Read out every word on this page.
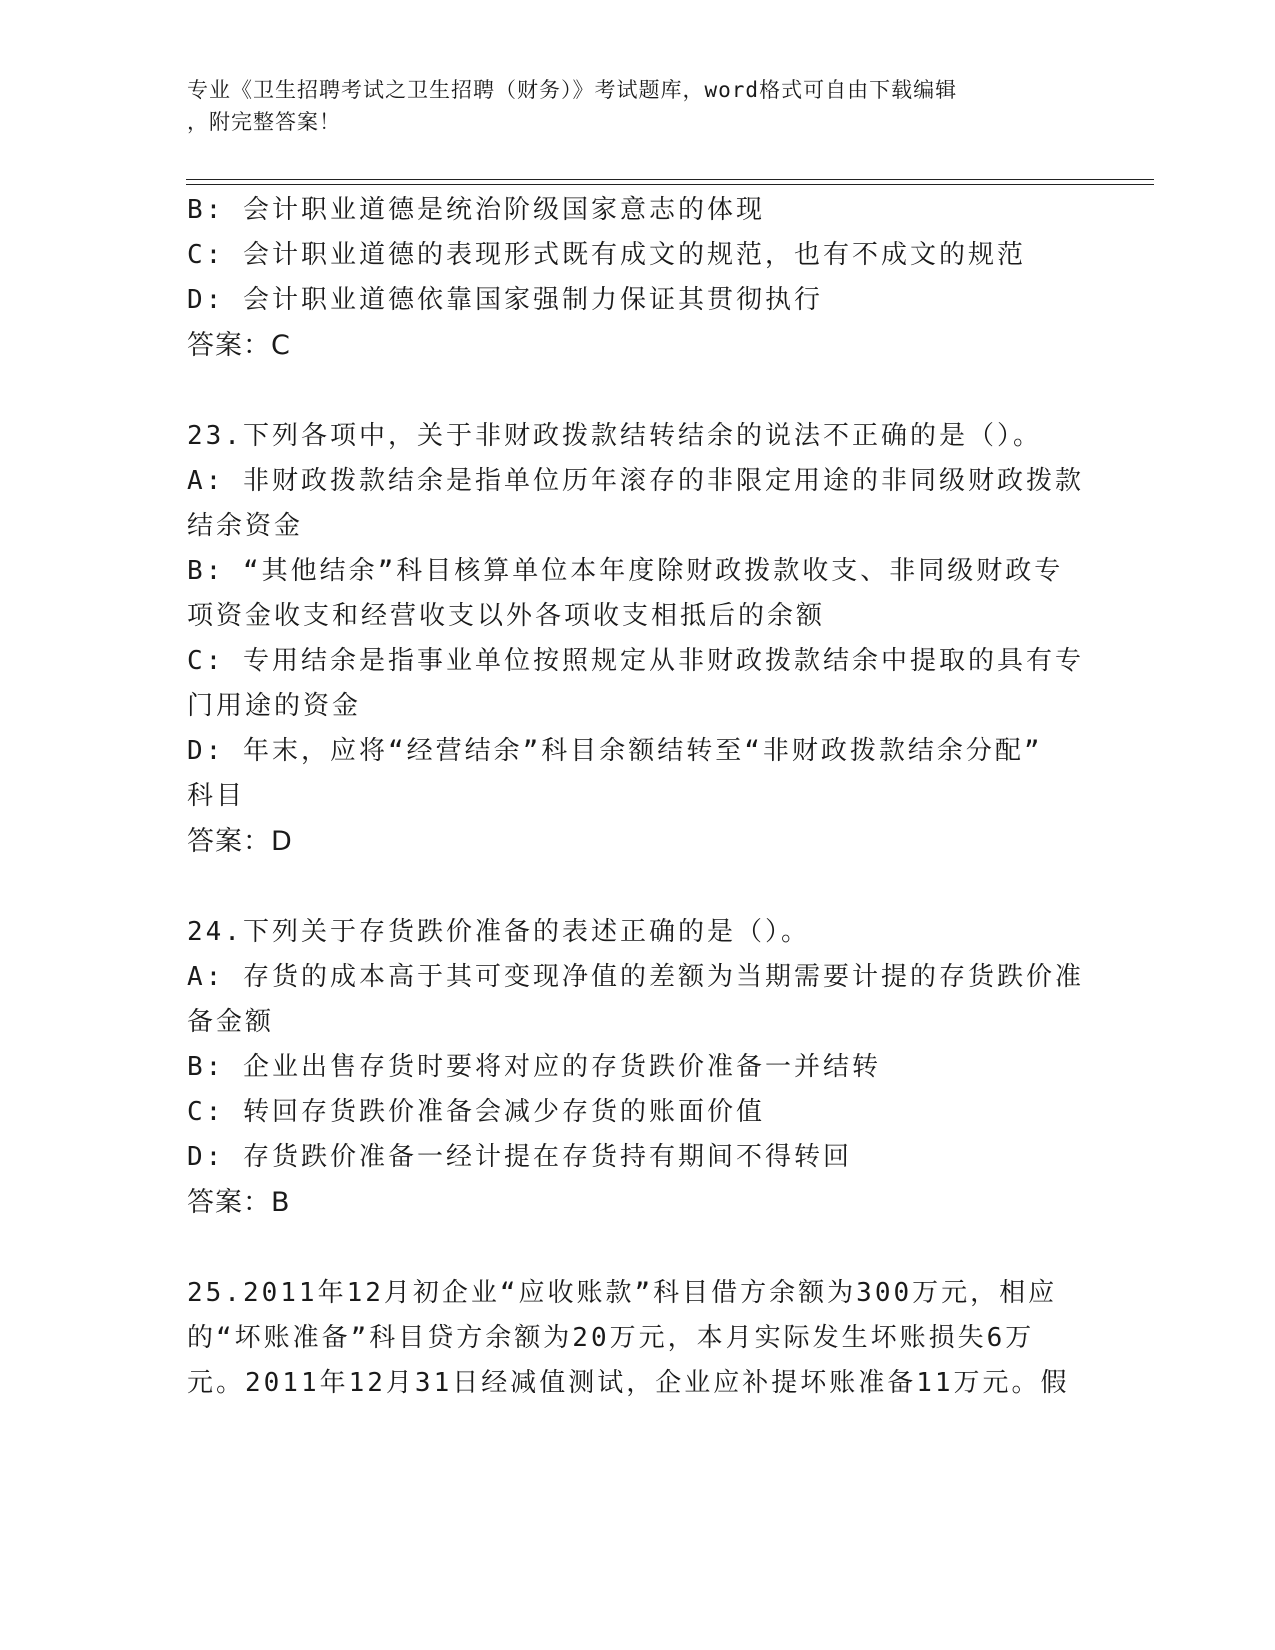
专业《卫生招聘考试之卫生招聘（财务）》考试题库，word格式可自由下载编辑
，附完整答案！
B: 会计职业道德是统治阶级国家意志的体现
C: 会计职业道德的表现形式既有成文的规范，也有不成文的规范
D: 会计职业道德依靠国家强制力保证其贯彻执行
答案：C
23.下列各项中，关于非财政拨款结转结余的说法不正确的是（）。
A: 非财政拨款结余是指单位历年滚存的非限定用途的非同级财政拨款
结余资金
B: “其他结余”科目核算单位本年度除财政拨款收支、非同级财政专
项资金收支和经营收支以外各项收支相抵后的余额
C: 专用结余是指事业单位按照规定从非财政拨款结余中提取的具有专
门用途的资金
D: 年末，应将“经营结余”科目余额结转至“非财政拨款结余分配”
科目
答案：D
24.下列关于存货跌价准备的表述正确的是（）。
A: 存货的成本高于其可变现净值的差额为当期需要计提的存货跌价准
备金额
B: 企业出售存货时要将对应的存货跌价准备一并结转
C: 转回存货跌价准备会减少存货的账面价值
D: 存货跌价准备一经计提在存货持有期间不得转回
答案：B
25.2011年12月初企业“应收账款”科目借方余额为300万元，相应
的“坏账准备”科目贷方余额为20万元，本月实际发生坏账损失6万
元。2011年12月31日经减值测试，企业应补提坏账准备11万元。假
